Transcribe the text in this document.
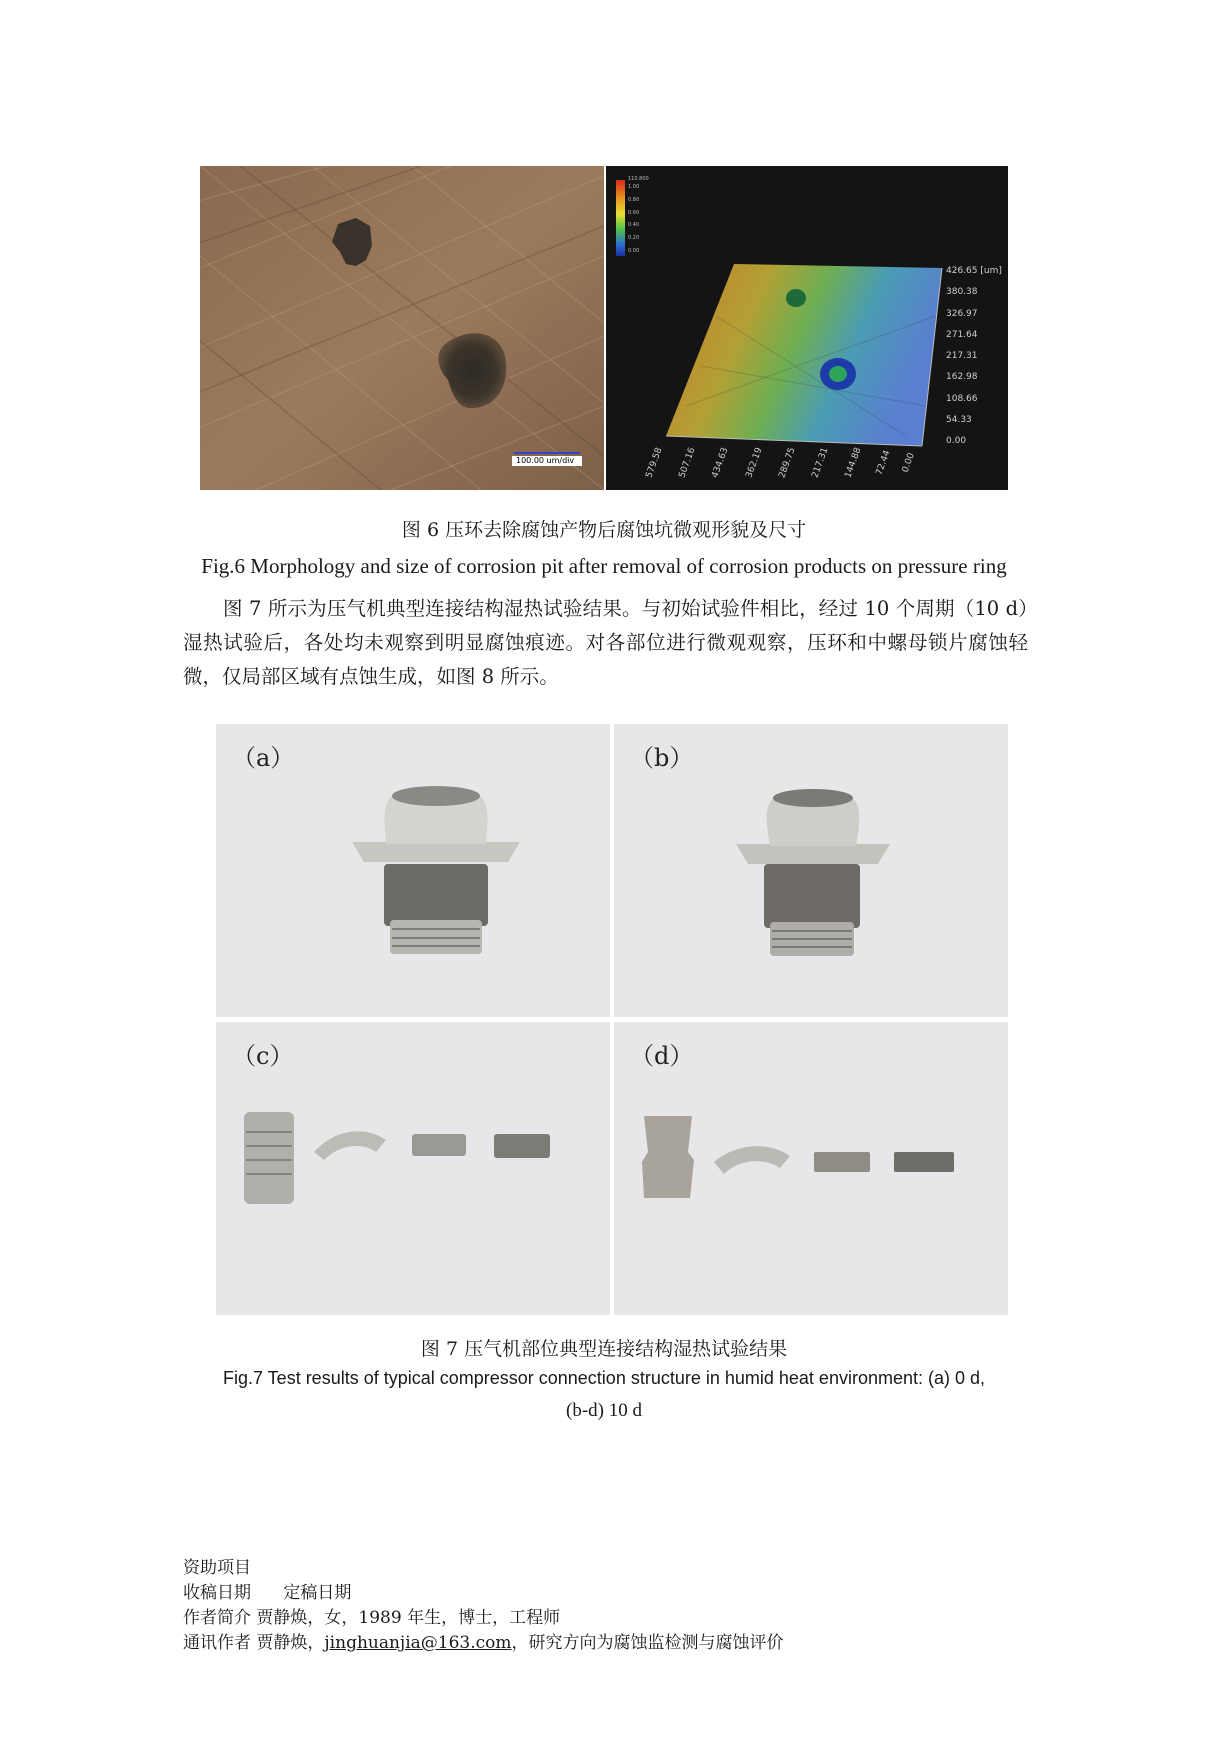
100.00 um/div
110.800
1.00
0.80
0.60
0.40
0.20
0.00
426.65 [um]
380.38
326.97
271.64
217.31
162.98
108.66
54.33
0.00
579.58	507.16	434.63	362.19	289.75	217.31	144.88	72.44 0.00
图 6 压环去除腐蚀产物后腐蚀坑微观形貌及尺寸
Fig.6 Morphology and size of corrosion pit after removal of corrosion products on pressure ring
图 7 所示为压气机典型连接结构湿热试验结果。与初始试验件相比，经过 10 个周期（10 d）湿热试验后，各处均未观察到明显腐蚀痕迹。对各部位进行微观观察，压环和中螺母锁片腐蚀轻微，仅局部区域有点蚀生成，如图 8 所示。
（a）	（b）
（c）	（d）
图 7 压气机部位典型连接结构湿热试验结果
Fig.7 Test results of typical compressor connection structure in humid heat environment: (a) 0 d,
(b-d) 10 d
资助项目
收稿日期      定稿日期
作者简介 贾静焕，女，1989 年生，博士，工程师
通讯作者 贾静焕，jinghuanjia@163.com，研究方向为腐蚀监检测与腐蚀评价
